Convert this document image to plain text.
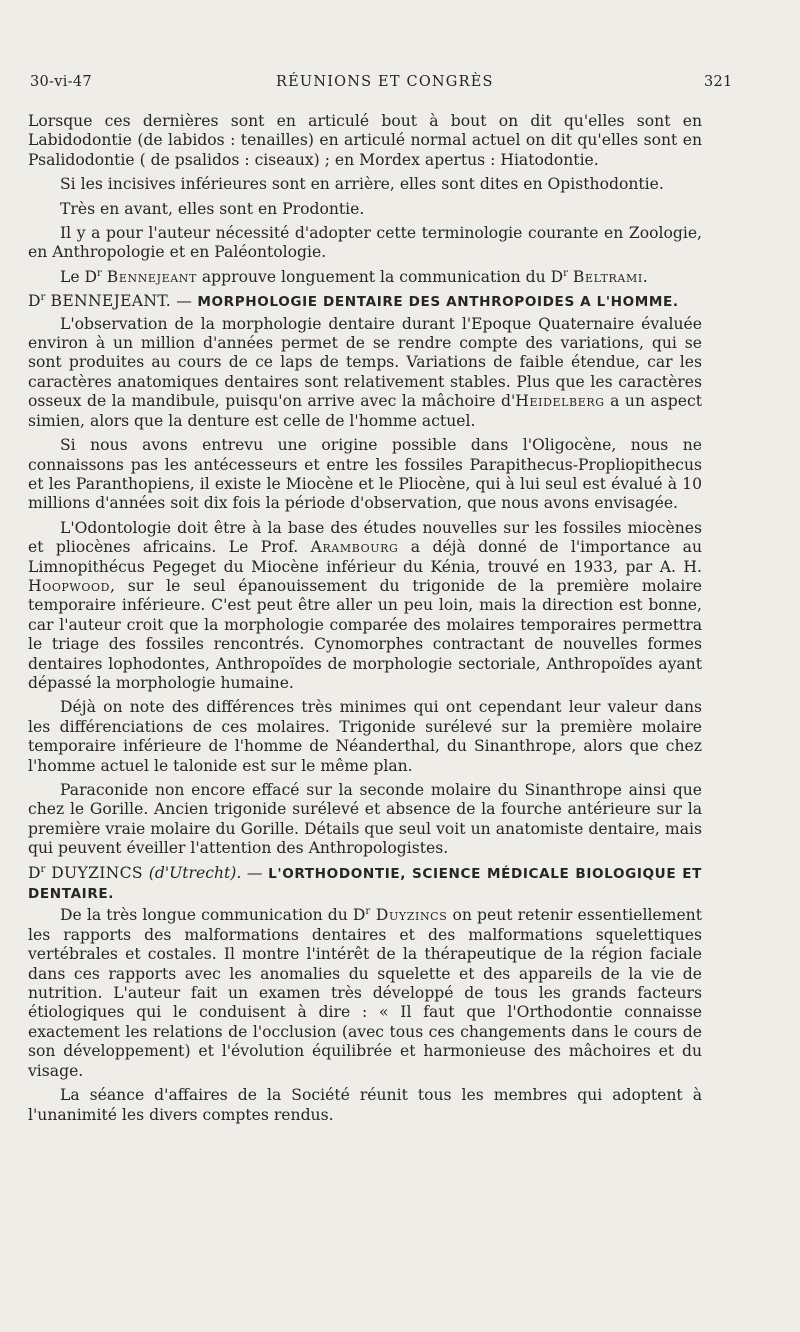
30-vi-47	RÉUNIONS ET CONGRÈS	321

Lorsque ces dernières sont en articulé bout à bout on dit qu'elles sont en Labidodontie (de labidos : tenailles) en articulé normal actuel on dit qu'elles sont en Psalidodontie ( de psalidos : ciseaux) ; en Mordex apertus : Hiatodontie.

Si les incisives inférieures sont en arrière, elles sont dites en Opisthodontie.

Très en avant, elles sont en Prodontie.

Il y a pour l'auteur nécessité d'adopter cette terminologie courante en Zoologie, en Anthropologie et en Paléontologie.

Le $D^r$ Bennejeant approuve longuement la communication du $D^r$ Beltrami.

$D^r$ BENNEJEANT. — MORPHOLOGIE DENTAIRE DES ANTHROPOIDES A L'HOMME.

L'observation de la morphologie dentaire durant l'Epoque Quaternaire évaluée environ à un million d'années permet de se rendre compte des variations, qui se sont produites au cours de ce laps de temps. Variations de faible étendue, car les caractères anatomiques dentaires sont relativement stables. Plus que les caractères osseux de la mandibule, puisqu'on arrive avec la mâchoire d'Heidelberg a un aspect simien, alors que la denture est celle de l'homme actuel.

Si nous avons entrevu une origine possible dans l'Oligocène, nous ne connaissons pas les antécesseurs et entre les fossiles Parapithecus-Propliopithecus et les Paranthopiens, il existe le Miocène et le Pliocène, qui à lui seul est évalué à 10 millions d'années soit dix fois la période d'observation, que nous avons envisagée.

L'Odontologie doit être à la base des études nouvelles sur les fossiles miocènes et pliocènes africains. Le Prof. Arambourg a déjà donné de l'importance au Limnopithécus Pegeget du Miocène inférieur du Kénia, trouvé en 1933, par A. H. Hoopwood, sur le seul épanouissement du trigonide de la première molaire temporaire inférieure. C'est peut être aller un peu loin, mais la direction est bonne, car l'auteur croit que la morphologie comparée des molaires temporaires permettra le triage des fossiles rencontrés. Cynomorphes contractant de nouvelles formes dentaires lophodontes, Anthropoïdes de morphologie sectoriale, Anthropoïdes ayant dépassé la morphologie humaine.

Déjà on note des différences très minimes qui ont cependant leur valeur dans les différenciations de ces molaires. Trigonide surélevé sur la première molaire temporaire inférieure de l'homme de Néanderthal, du Sinanthrope, alors que chez l'homme actuel le talonide est sur le même plan.

Paraconide non encore effacé sur la seconde molaire du Sinanthrope ainsi que chez le Gorille. Ancien trigonide surélevé et absence de la fourche antérieure sur la première vraie molaire du Gorille. Détails que seul voit un anatomiste dentaire, mais qui peuvent éveiller l'attention des Anthropologistes.

$D^r$ DUYZINCS (d'Utrecht). — L'ORTHODONTIE, SCIENCE MÉDICALE BIOLOGIQUE ET DENTAIRE.

De la très longue communication du $D^r$ Duyzincs on peut retenir essentiellement les rapports des malformations dentaires et des malformations squelettiques vertébrales et costales. Il montre l'intérêt de la thérapeutique de la région faciale dans ces rapports avec les anomalies du squelette et des appareils de la vie de nutrition. L'auteur fait un examen très développé de tous les grands facteurs étiologiques qui le conduisent à dire : « Il faut que l'Orthodontie connaisse exactement les relations de l'occlusion (avec tous ces changements dans le cours de son développement) et l'évolution équilibrée et harmonieuse des mâchoires et du visage.

La séance d'affaires de la Société réunit tous les membres qui adoptent à l'unanimité les divers comptes rendus.
